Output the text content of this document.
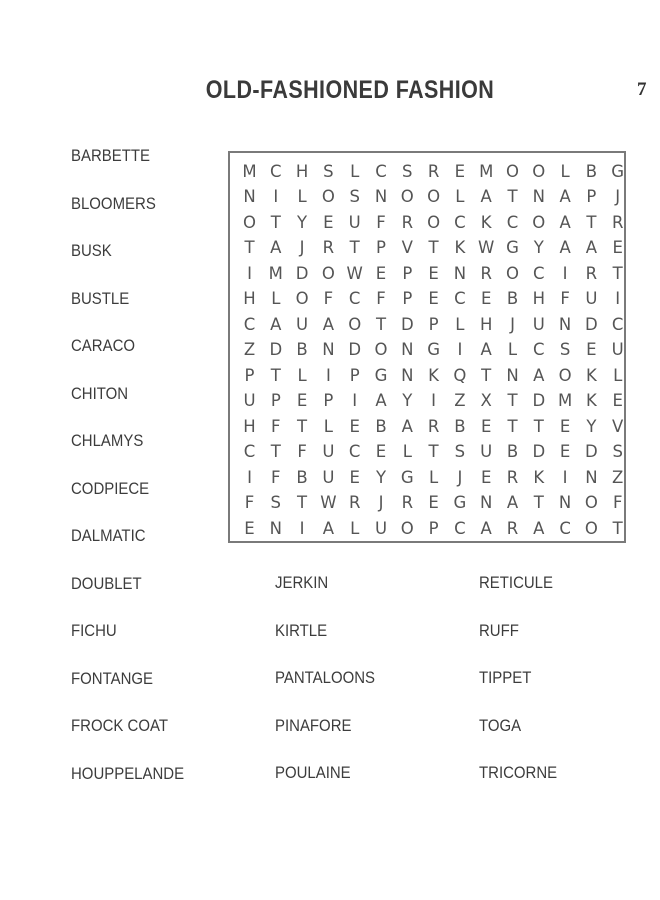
OLD-FASHIONED FASHION	7
BARBETTE
BLOOMERS
BUSK
BUSTLE
CARACO
CHITON
CHLAMYS
CODPIECE
DALMATIC
DOUBLET
FICHU
FONTANGE
FROCK COAT
HOUPPELANDE
JERKIN
KIRTLE
PANTALOONS
PINAFORE
POULAINE
RETICULE
RUFF
TIPPET
TOGA
TRICORNE
M C H S L C S R E M O O L B G
N	I	L O S N O O L A T N A P	J
O T Y E U F R O C K C O A T R
T A	J	R T P V T K W G Y A A E
I	M D O W E P E N R O C	I	R T
H L O F C F	P E C E B H F U	I
C A U A O T D P	L H	J	U N D C
Z D B N D O N G	I	A L C S E U
P T	L	I	P G N K Q T N A O K L
U P E P	I	A Y	I	Z X T D M K E
H F	T	L E B A R B E T T E Y V
C T	F U C E L	T S U B D E D S
I	F B U E Y G L	J	E R K	I	N Z
F S T W R	J	R E G N A T N O F
E N	I	A L U O P C A R A C O T
